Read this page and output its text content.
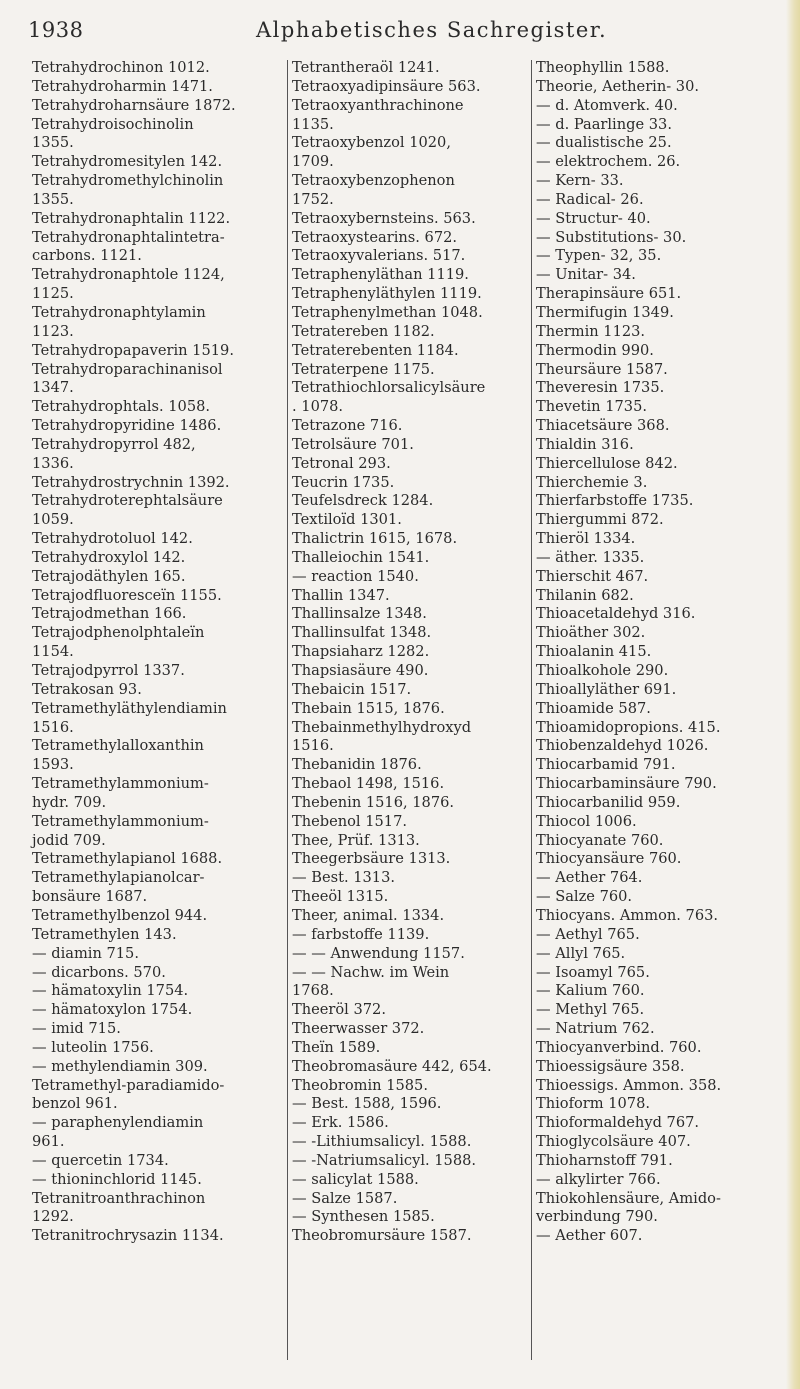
1938	Alphabetisches Sachregister.

Tetrahydrochinon 1012.

Tetrahydroharmin 1471.

Tetrahydroharnsäure 1872.

Tetrahydroisochinolin

1355.

Tetrahydromesitylen 142.

Tetrahydromethylchinolin

1355.

Tetrahydronaphtalin 1122.

Tetrahydronaphtalintetra-

carbons. 1121.

Tetrahydronaphtole 1124,

1125.

Tetrahydronaphtylamin

1123.

Tetrahydropapaverin 1519.

Tetrahydroparachinanisol

1347.

Tetrahydrophtals. 1058.

Tetrahydropyridine 1486.

Tetrahydropyrrol 482,

1336.

Tetrahydrostrychnin 1392.

Tetrahydroterephtalsäure

1059.

Tetrahydrotoluol 142.

Tetrahydroxylol 142.

Tetrajodäthylen 165.

Tetrajodfluoresceïn 1155.

Tetrajodmethan 166.

Tetrajodphenolphtaleïn

1154.

Tetrajodpyrrol 1337.

Tetrakosan 93.

Tetramethyläthylendiamin

1516.

Tetramethylalloxanthin

1593.

Tetramethylammonium-

hydr. 709.

Tetramethylammonium-

jodid 709.

Tetramethylapianol 1688.

Tetramethylapianolcar-

bonsäure 1687.

Tetramethylbenzol 944.

Tetramethylen 143.

— diamin 715.

— dicarbons. 570.

— hämatoxylin 1754.

— hämatoxylon 1754.

— imid 715.

— luteolin 1756.

— methylendiamin 309.

Tetramethyl-paradiamido-

benzol 961.

— paraphenylendiamin

961.

— quercetin 1734.

— thioninchlorid 1145.

Tetranitroanthrachinon

1292.

Tetranitrochrysazin 1134.

Tetrantheraöl 1241.

Tetraoxyadipinsäure 563.

Tetraoxyanthrachinone

1135.

Tetraoxybenzol 1020,

1709.

Tetraoxybenzophenon

1752.

Tetraoxybernsteins. 563.

Tetraoxystearins. 672.

Tetraoxyvalerians. 517.

Tetraphenyläthan 1119.

Tetraphenyläthylen 1119.

Tetraphenylmethan 1048.

Tetratereben 1182.

Tetraterebenten 1184.

Tetraterpene 1175.

Tetrathiochlorsalicylsäure

. 1078.

Tetrazone 716.

Tetrolsäure 701.

Tetronal 293.

Teucrin 1735.

Teufelsdreck 1284.

Textiloïd 1301.

Thalictrin 1615, 1678.

Thalleiochin 1541.

— reaction 1540.

Thallin 1347.

Thallinsalze 1348.

Thallinsulfat 1348.

Thapsiaharz 1282.

Thapsiasäure 490.

Thebaicin 1517.

Thebain 1515, 1876.

Thebainmethylhydroxyd

1516.

Thebanidin 1876.

Thebaol 1498, 1516.

Thebenin 1516, 1876.

Thebenol 1517.

Thee, Prüf. 1313.

Theegerbsäure 1313.

— Best. 1313.

Theeöl 1315.

Theer, animal. 1334.

— farbstoffe 1139.

— — Anwendung 1157.

— — Nachw. im Wein

1768.

Theeröl 372.

Theerwasser 372.

Theïn 1589.

Theobromasäure 442, 654.

Theobromin 1585.

— Best. 1588, 1596.

— Erk. 1586.

— -Lithiumsalicyl. 1588.

— -Natriumsalicyl. 1588.

— salicylat 1588.

— Salze 1587.

— Synthesen 1585.

Theobromursäure 1587.

Theophyllin 1588.

Theorie, Aetherin- 30.

— d. Atomverk. 40.

— d. Paarlinge 33.

— dualistische 25.

— elektrochem. 26.

— Kern- 33.

— Radical- 26.

— Structur- 40.

— Substitutions- 30.

— Typen- 32, 35.

— Unitar- 34.

Therapinsäure 651.

Thermifugin 1349.

Thermin 1123.

Thermodin 990.

Theursäure 1587.

Theveresin 1735.

Thevetin 1735.

Thiacetsäure 368.

Thialdin 316.

Thiercellulose 842.

Thierchemie 3.

Thierfarbstoffe 1735.

Thiergummi 872.

Thieröl 1334.

— äther. 1335.

Thierschit 467.

Thilanin 682.

Thioacetaldehyd 316.

Thioäther 302.

Thioalanin 415.

Thioalkohole 290.

Thioallyläther 691.

Thioamide 587.

Thioamidopropions. 415.

Thiobenzaldehyd 1026.

Thiocarbamid 791.

Thiocarbaminsäure 790.

Thiocarbanilid 959.

Thiocol 1006.

Thiocyanate 760.

Thiocyansäure 760.

— Aether 764.

— Salze 760.

Thiocyans. Ammon. 763.

— Aethyl 765.

— Allyl 765.

— Isoamyl 765.

— Kalium 760.

— Methyl 765.

— Natrium 762.

Thiocyanverbind. 760.

Thioessigsäure 358.

Thioessigs. Ammon. 358.

Thioform 1078.

Thioformaldehyd 767.

Thioglycolsäure 407.

Thioharnstoff 791.

— alkylirter 766.

Thiokohlensäure, Amido-

verbindung 790.

— Aether 607.
